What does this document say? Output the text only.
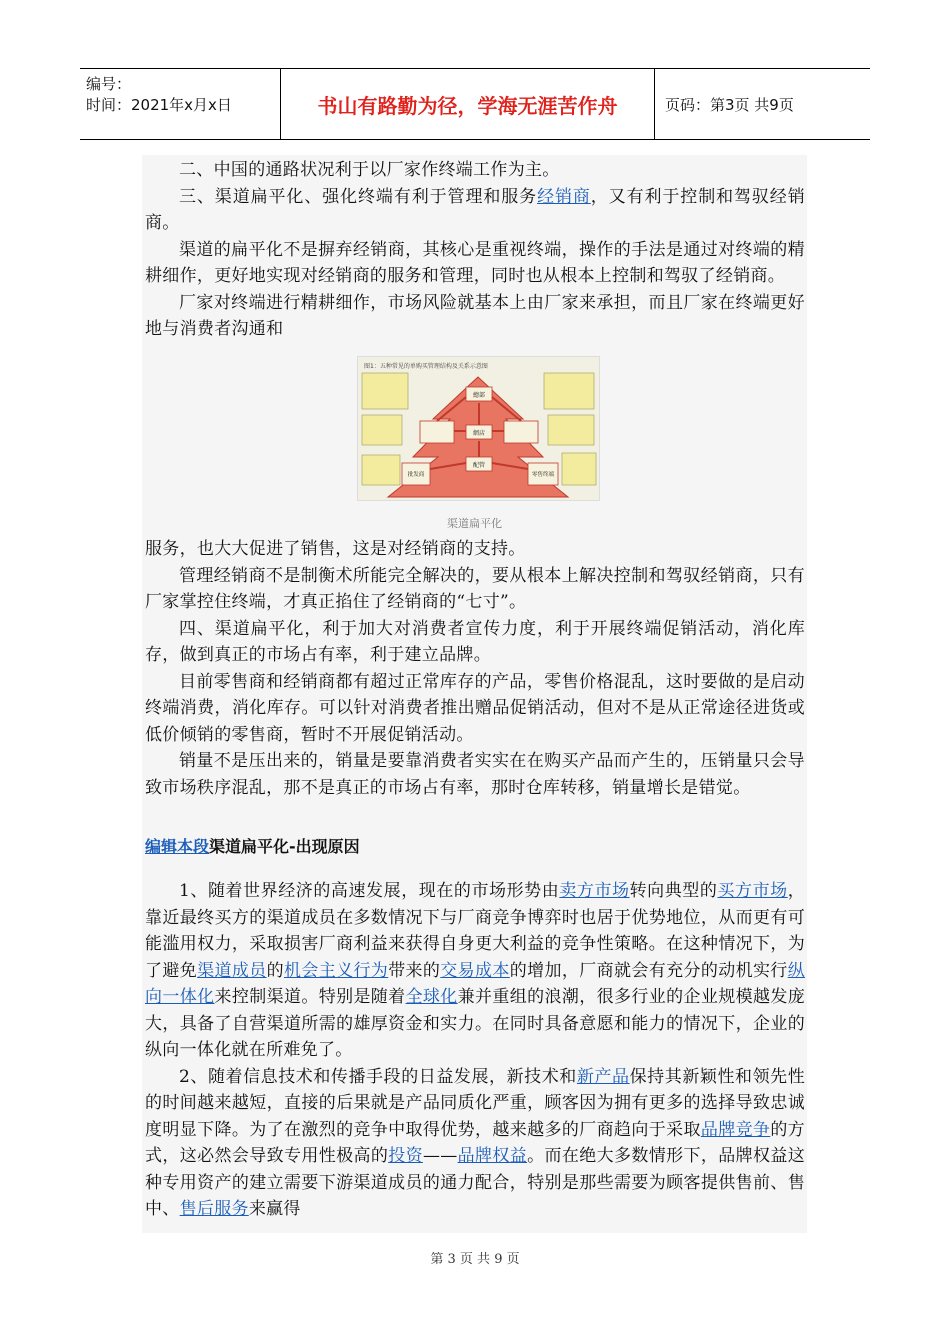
编号：
时间：2021年x月x日	书山有路勤为径，学海无涯苦作舟	页码：第3页 共9页

二、中国的通路状况利于以厂家作终端工作为主。

三、渠道扁平化、强化终端有利于管理和服务经销商，又有利于控制和驾驭经销商。

渠道的扁平化不是摒弃经销商，其核心是重视终端，操作的手法是通过对终端的精耕细作，更好地实现对经销商的服务和管理，同时也从根本上控制和驾驭了经销商。

厂家对终端进行精耕细作，市场风险就基本上由厂家来承担，而且厂家在终端更好地与消费者沟通和

图1：五种常见的单购买管理结构及关系示意图
總部
網店
配管
批发商	零售终端
渠道扁平化

服务，也大大促进了销售，这是对经销商的支持。

管理经销商不是制衡术所能完全解决的，要从根本上解决控制和驾驭经销商，只有厂家掌控住终端，才真正掐住了经销商的“七寸”。

四、渠道扁平化，利于加大对消费者宣传力度，利于开展终端促销活动，消化库存，做到真正的市场占有率，利于建立品牌。

目前零售商和经销商都有超过正常库存的产品，零售价格混乱，这时要做的是启动终端消费，消化库存。可以针对消费者推出赠品促销活动，但对不是从正常途径进货或低价倾销的零售商，暂时不开展促销活动。

销量不是压出来的，销量是要靠消费者实实在在购买产品而产生的，压销量只会导致市场秩序混乱，那不是真正的市场占有率，那时仓库转移，销量增长是错觉。

编辑本段渠道扁平化-出现原因

1、随着世界经济的高速发展，现在的市场形势由卖方市场转向典型的买方市场，靠近最终买方的渠道成员在多数情况下与厂商竞争博弈时也居于优势地位，从而更有可能滥用权力，采取损害厂商利益来获得自身更大利益的竞争性策略。在这种情况下，为了避免渠道成员的机会主义行为带来的交易成本的增加，厂商就会有充分的动机实行纵向一体化来控制渠道。特别是随着全球化兼并重组的浪潮，很多行业的企业规模越发庞大，具备了自营渠道所需的雄厚资金和实力。在同时具备意愿和能力的情况下，企业的纵向一体化就在所难免了。

2、随着信息技术和传播手段的日益发展，新技术和新产品保持其新颖性和领先性的时间越来越短，直接的后果就是产品同质化严重，顾客因为拥有更多的选择导致忠诚度明显下降。为了在激烈的竞争中取得优势，越来越多的厂商趋向于采取品牌竞争的方式，这必然会导致专用性极高的投资——品牌权益。而在绝大多数情形下，品牌权益这种专用资产的建立需要下游渠道成员的通力配合，特别是那些需要为顾客提供售前、售中、售后服务来赢得

第 3 页 共 9 页
